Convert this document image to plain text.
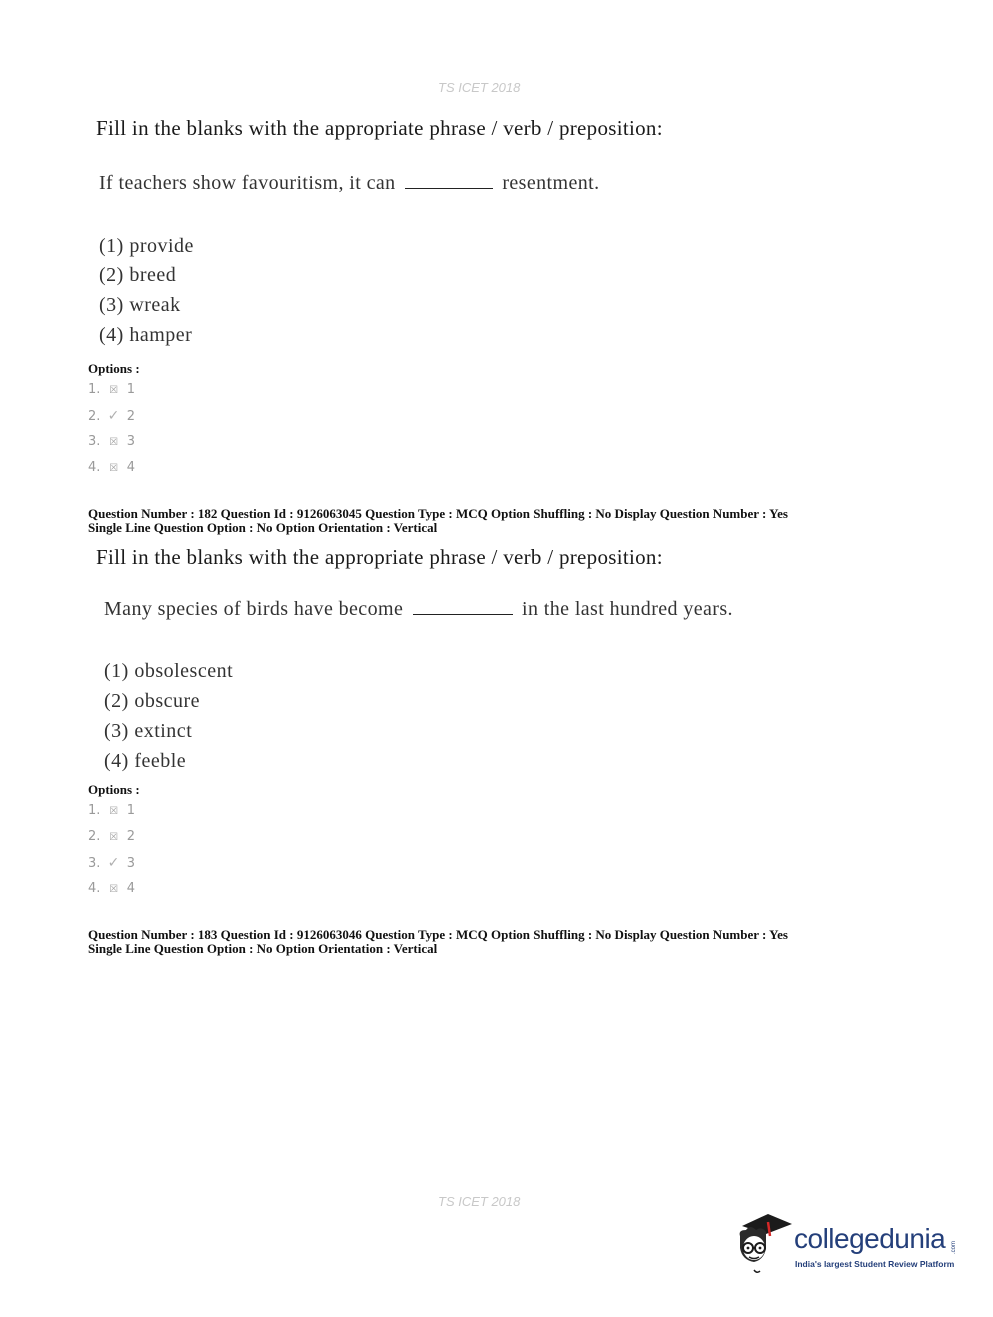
TS ICET 2018
Fill in the blanks with the appropriate phrase / verb / preposition:
If teachers show favouritism, it can	resentment.
(1) provide
(2) breed
(3) wreak
(4) hamper
Options :
1. ☒ 1
2. ✓ 2
3. ☒ 3
4. ☒ 4
Question Number : 182 Question Id : 9126063045 Question Type : MCQ Option Shuffling : No Display Question Number : Yes
Single Line Question Option : No Option Orientation : Vertical
Fill in the blanks with the appropriate phrase / verb / preposition:
Many species of birds have become	in the last hundred years.
(1) obsolescent
(2) obscure
(3) extinct
(4) feeble
Options :
1. ☒ 1
2. ☒ 2
3. ✓ 3
4. ☒ 4
Question Number : 183 Question Id : 9126063046 Question Type : MCQ Option Shuffling : No Display Question Number : Yes
Single Line Question Option : No Option Orientation : Vertical
TS ICET 2018
collegedunia .com
India's largest Student Review Platform
